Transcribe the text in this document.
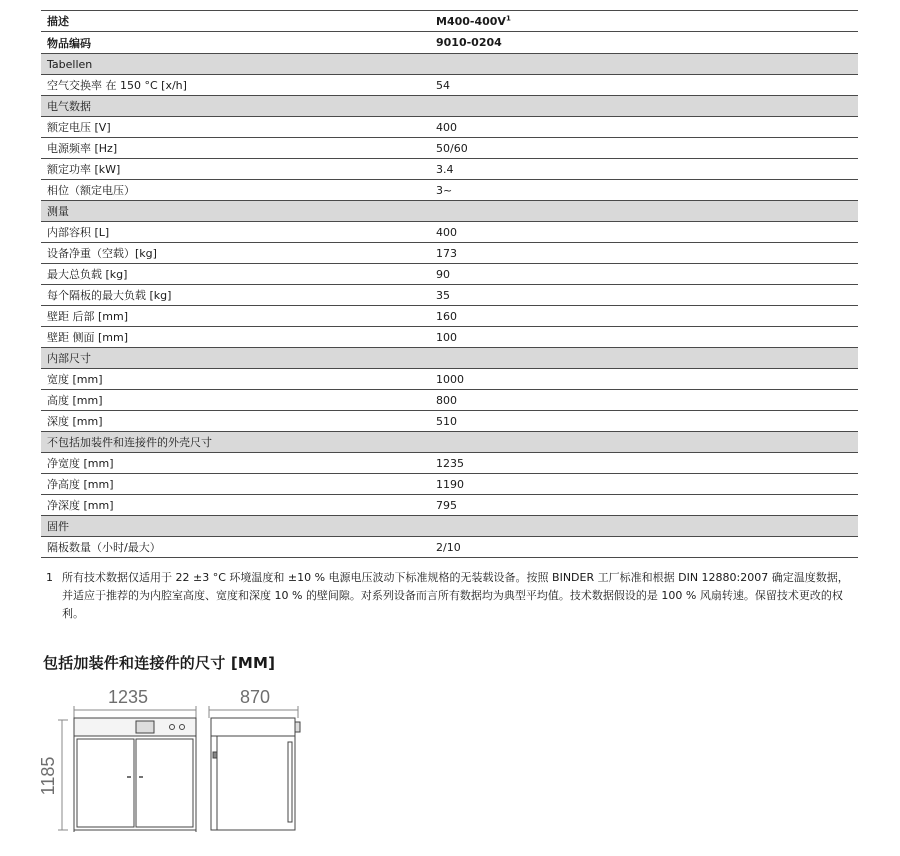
描述	$M400-400V^1$
物品编码	9010-0204
Tabellen
空气交换率 在 150 °C [x/h]	54
电气数据
额定电压 [V]	400
电源频率 [Hz]	50/60
额定功率 [kW]	3.4
相位（额定电压）	3~
测量
内部容积 [L]	400
设备净重（空载）[kg]	173
最大总负载 [kg]	90
每个隔板的最大负载 [kg]	35
壁距 后部 [mm]	160
壁距 侧面 [mm]	100
内部尺寸
宽度 [mm]	1000
高度 [mm]	800
深度 [mm]	510
不包括加装件和连接件的外壳尺寸
净宽度 [mm]	1235
净高度 [mm]	1190
净深度 [mm]	795
固件
隔板数量（小时/最大）	2/10
1 所有技术数据仅适用于 22 ±3 °C 环境温度和 ±10 % 电源电压波动下标准规格的无装载设备。按照 BINDER 工厂标准和根据 DIN 12880:2007 确定温度数据，并适应于推荐的为内腔室高度、宽度和深度 10 % 的壁间隙。对系列设备而言所有数据均为典型平均值。技术数据假设的是 100 % 风扇转速。保留技术更改的权利。
包括加装件和连接件的尺寸 [MM]
1235	870
1185
